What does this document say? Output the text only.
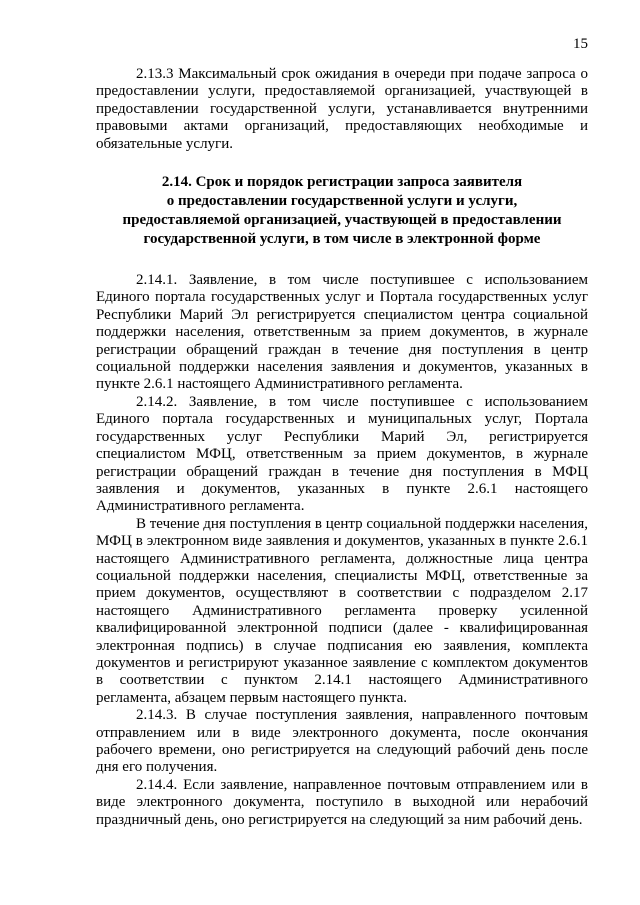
15

2.13.3 Максимальный срок ожидания в очереди при подаче запроса о предоставлении услуги, предоставляемой организацией, участвующей в предоставлении государственной услуги, устанавливается внутренними правовыми актами организаций, предоставляющих необходимые и обязательные услуги.

2.14. Срок и порядок регистрации запроса заявителя
о предоставлении государственной услуги и услуги,
предоставляемой организацией, участвующей в предоставлении
государственной услуги, в том числе в электронной форме

2.14.1. Заявление, в том числе поступившее с использованием Единого портала государственных услуг и Портала государственных услуг Республики Марий Эл регистрируется специалистом центра социальной поддержки населения, ответственным за прием документов, в журнале регистрации обращений граждан в течение дня поступления в центр социальной поддержки населения заявления и документов, указанных в пункте 2.6.1 настоящего Административного регламента.

2.14.2. Заявление, в том числе поступившее с использованием Единого портала государственных и муниципальных услуг, Портала государственных услуг Республики Марий Эл, регистрируется специалистом МФЦ, ответственным за прием документов, в журнале регистрации обращений граждан в течение дня поступления в МФЦ заявления и документов, указанных в пункте 2.6.1 настоящего Административного регламента.

В течение дня поступления в центр социальной поддержки населения, МФЦ в электронном виде заявления и документов, указанных в пункте 2.6.1 настоящего Административного регламента, должностные лица центра социальной поддержки населения, специалисты МФЦ, ответственные за прием документов, осуществляют в соответствии с подразделом 2.17 настоящего Административного регламента проверку усиленной квалифицированной электронной подписи (далее - квалифицированная электронная подпись) в случае подписания ею заявления, комплекта документов и регистрируют указанное заявление с комплектом документов в соответствии с пунктом 2.14.1 настоящего Административного регламента, абзацем первым настоящего пункта.

2.14.3. В случае поступления заявления, направленного почтовым отправлением или в виде электронного документа, после окончания рабочего времени, оно регистрируется на следующий рабочий день после дня его получения.

2.14.4. Если заявление, направленное почтовым отправлением или в виде электронного документа, поступило в выходной или нерабочий праздничный день, оно регистрируется на следующий за ним рабочий день.
